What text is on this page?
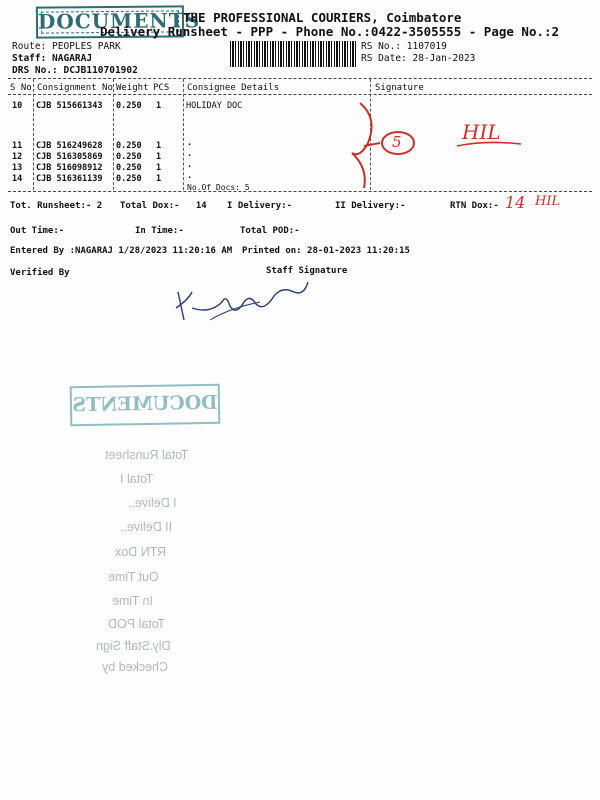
DOCUMENTS
THE PROFESSIONAL COURIERS, Coimbatore
Delivery Runsheet - PPP - Phone No.:0422-3505555 - Page No.:2
Route: PEOPLES PARK
Staff: NAGARAJ
DRS No.: DCJB110701902
RS No.: 1107019
RS Date: 28-Jan-2023
S No Consignment No Weight PCS Consignee Details	Signature
10 CJB 515661343 0.250 1	HOLIDAY DOC
11 CJB 516249628 0.250 1	.
12 CJB 516305869 0.250 1	.
13 CJB 516098912 0.250 1	.
14 CJB 516361139 0.250 1	.
No.Of Docs: 5
5	HIL
Tot. Runsheet:- 2 Total Dox:-   14 I Delivery:-	II Delivery:-	RTN Dox:- 14 HIL
Out Time:-	In Time:-	Total POD:-
Entered By :NAGARAJ 1/28/2023 11:20:16 AM Printed on: 28-01-2023 11:20:15
Verified By	Staff Signature
DOCUMENTS
Total Runsheet
Total I
I Delive..
II Delive..
RTN Dox
Out Time
In Time
Total POD
Dly.Staff Sign
Checked by
